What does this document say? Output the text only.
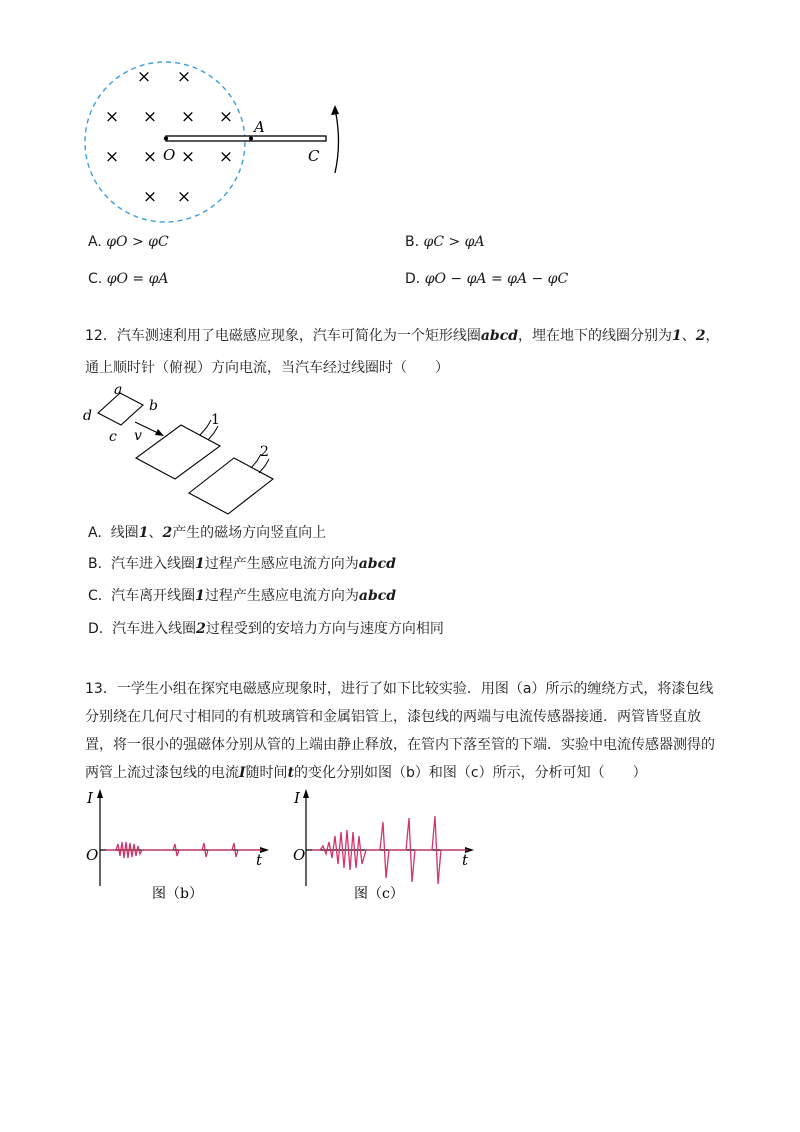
× ×
× × × ×
× × × ×
× ×
O
A
C
A. φO > φC	B. φC > φA
C. φO = φA	D. φO − φA = φA − φC
12．汽车测速利用了电磁感应现象，汽车可简化为一个矩形线圈abcd，埋在地下的线圈分别为1、2，
通上顺时针（俯视）方向电流，当汽车经过线圈时（　　）
a
b
c
d
v
1
2
A. 线圈1、2产生的磁场方向竖直向上
B. 汽车进入线圈1过程产生感应电流方向为abcd
C. 汽车离开线圈1过程产生感应电流方向为abcd
D. 汽车进入线圈2过程受到的安培力方向与速度方向相同
13．一学生小组在探究电磁感应现象时，进行了如下比较实验．用图（a）所示的缠绕方式，将漆包线
分别绕在几何尺寸相同的有机玻璃管和金属铝管上，漆包线的两端与电流传感器接通．两管皆竖直放
置，将一很小的强磁体分别从管的上端由静止释放，在管内下落至管的下端．实验中电流传感器测得的
两管上流过漆包线的电流I随时间t的变化分别如图（b）和图（c）所示，分析可知（　　）
I
t
O
图（b）
I
t
O
图（c）
